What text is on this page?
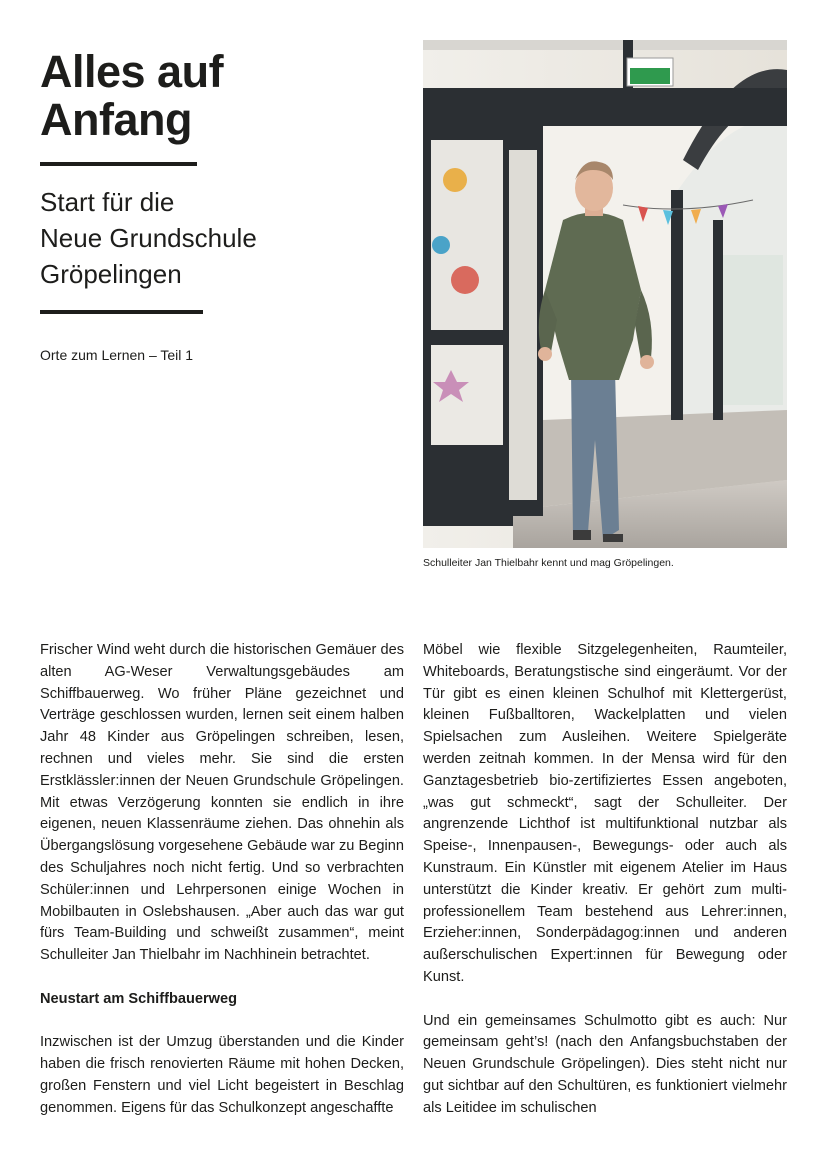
Alles auf
Anfang
Start für die
Neue Grundschule
Gröpelingen
Orte zum Lernen – Teil 1
Schulleiter Jan Thielbahr kennt und mag Gröpelingen.

Frischer Wind weht durch die historischen Gemäuer des alten AG-Weser Verwaltungsgebäudes am Schiffbauerweg. Wo früher Pläne gezeichnet und Verträge geschlossen wurden, lernen seit einem halben Jahr 48 Kinder aus Gröpelingen schreiben, lesen, rechnen und vieles mehr. Sie sind die ersten Erstklässler:innen der Neuen Grundschule Gröpelingen. Mit etwas Verzögerung konnten sie endlich in ihre eigenen, neuen Klassenräume ziehen. Das ohnehin als Übergangslösung vorgesehene Gebäude war zu Beginn des Schuljahres noch nicht fertig. Und so verbrachten Schüler:innen und Lehrpersonen einige Wochen in Mobilbauten in Oslebshausen. „Aber auch das war gut fürs Team-Building und schweißt zusammen“, meint Schulleiter Jan Thielbahr im Nachhinein betrachtet.

Neustart am Schiffbauerweg

Inzwischen ist der Umzug überstanden und die Kinder haben die frisch renovierten Räume mit hohen Decken, großen Fenstern und viel Licht begeistert in Beschlag genommen. Eigens für das Schulkonzept angeschaffte

Möbel wie flexible Sitzgelegenheiten, Raumteiler, Whiteboards, Beratungstische sind eingeräumt. Vor der Tür gibt es einen kleinen Schulhof mit Klettergerüst, kleinen Fußballtoren, Wackelplatten und vielen Spielsachen zum Ausleihen. Weitere Spielgeräte werden zeitnah kommen. In der Mensa wird für den Ganztagesbetrieb bio-zertifiziertes Essen angeboten, „was gut schmeckt“, sagt der Schulleiter. Der angrenzende Lichthof ist multifunktional nutzbar als Speise-, Innenpausen-, Bewegungs- oder auch als Kunstraum. Ein Künstler mit eigenem Atelier im Haus unterstützt die Kinder kreativ. Er gehört zum multiprofessionellem Team bestehend aus Lehrer:innen, Erzieher:innen, Sonderpädagog:innen und anderen außerschulischen Expert:innen für Bewegung oder Kunst.

Und ein gemeinsames Schulmotto gibt es auch: Nur gemeinsam geht’s! (nach den Anfangsbuchstaben der Neuen Grundschule Gröpelingen). Dies steht nicht nur gut sichtbar auf den Schultüren, es funktioniert vielmehr als Leitidee im schulischen
